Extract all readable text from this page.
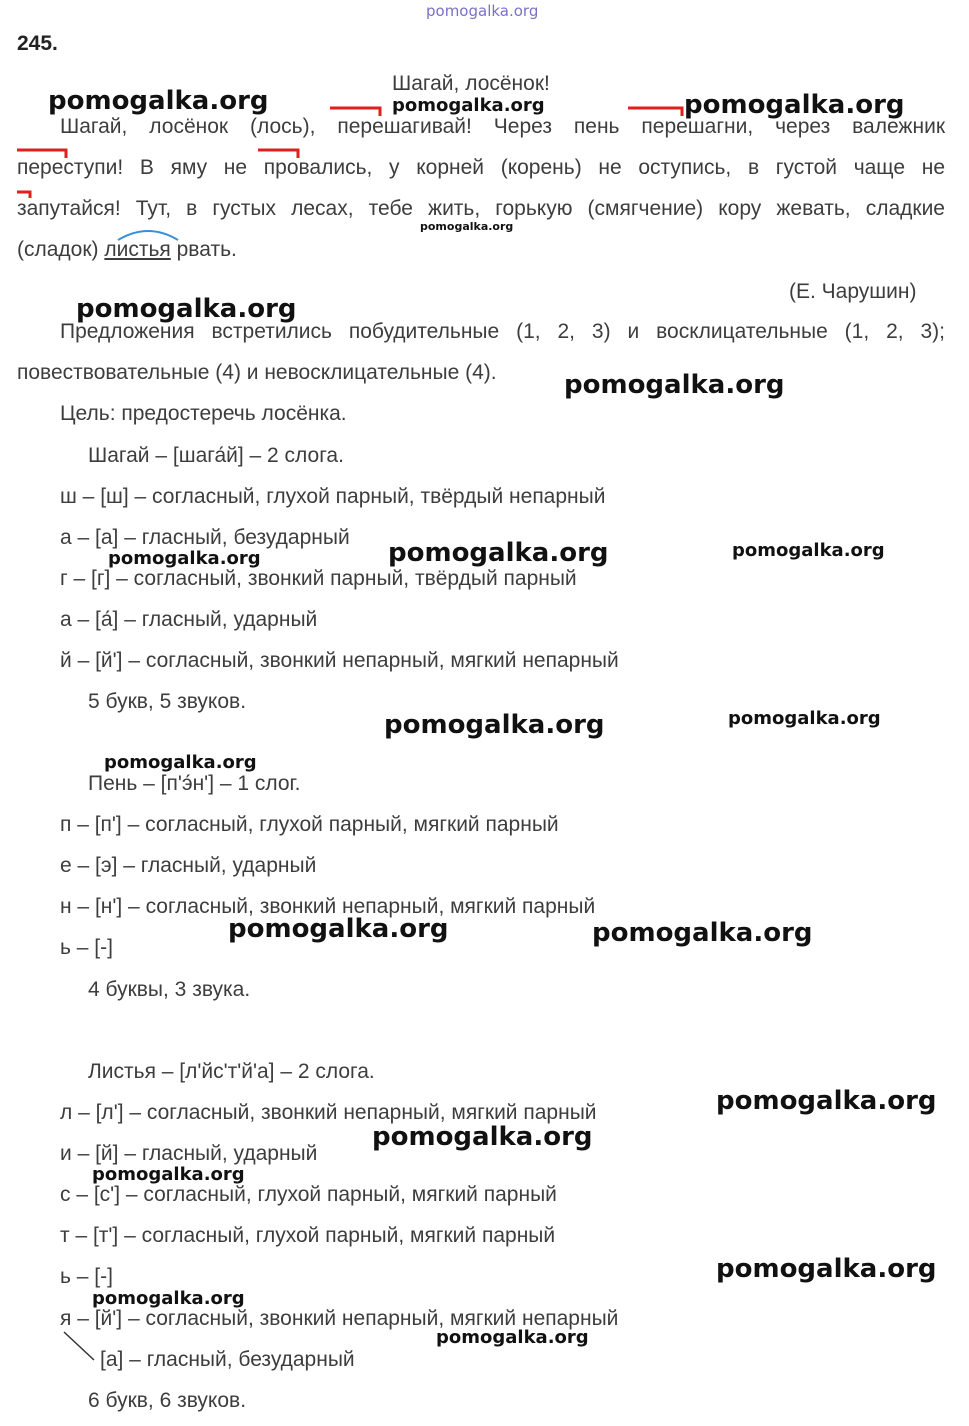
pomogalka.org
245.
Шагай, лосёнок!
Шагай, лосёнок (лось), перешагивай! Через пень перешагни, через валежник
переступи! В яму не провались, у корней (корень) не оступись, в густой чаще не
запутайся! Тут, в густых лесах, тебе жить, горькую (смягчение) кору жевать, сладкие
(сладок) листья рвать.
(Е. Чарушин)
Предложения встретились побудительные (1, 2, 3) и восклицательные (1, 2, 3);
повествовательные (4) и невосклицательные (4).
Цель: предостеречь лосёнка.
Шагай – [шага́й] – 2 слога.
ш – [ш] – согласный, глухой парный, твёрдый непарный
а – [а] – гласный, безударный
г – [г] – согласный, звонкий парный, твёрдый парный
а – [а́] – гласный, ударный
й – [й'] – согласный, звонкий непарный, мягкий непарный
5 букв, 5 звуков.
Пень – [п'э́н'] – 1 слог.
п – [п'] – согласный, глухой парный, мягкий парный
е – [э] – гласный, ударный
н – [н'] – согласный, звонкий непарный, мягкий парный
ь – [-]
4 буквы, 3 звука.
Листья – [л'йс'т'й'а] – 2 слога.
л – [л'] – согласный, звонкий непарный, мягкий парный
и – [й] – гласный, ударный
с – [с'] – согласный, глухой парный, мягкий парный
т – [т'] – согласный, глухой парный, мягкий парный
ь – [-]
я – [й'] – согласный, звонкий непарный, мягкий непарный
[а] – гласный, безударный
6 букв, 6 звуков.
pomogalka.org	pomogalka.org	pomogalka.org
pomogalka.org
pomogalka.org
pomogalka.org
pomogalka.org	pomogalka.org	pomogalka.org
pomogalka.org	pomogalka.org
pomogalka.org
pomogalka.org	pomogalka.org
pomogalka.org
pomogalka.org
pomogalka.org
pomogalka.org
pomogalka.org
pomogalka.org
